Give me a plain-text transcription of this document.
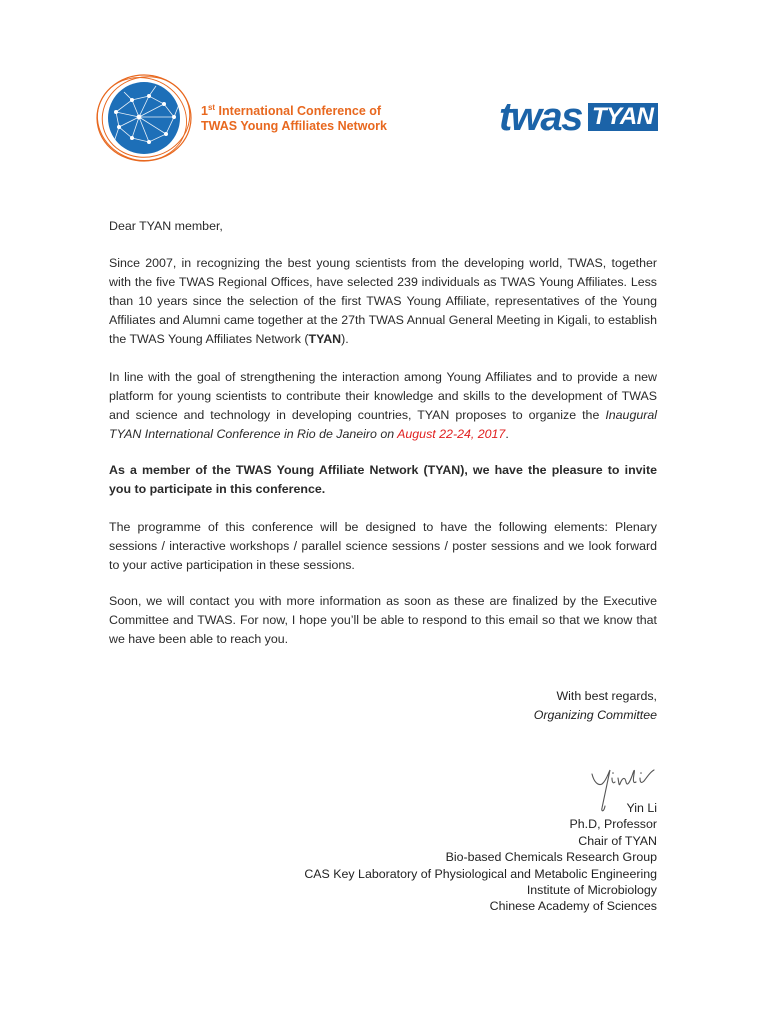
1st International Conference of
TWAS Young Affiliates Network	twas TYAN
Dear TYAN member,
Since 2007, in recognizing the best young scientists from the developing world, TWAS, together with the five TWAS Regional Offices, have selected 239 individuals as TWAS Young Affiliates. Less than 10 years since the selection of the first TWAS Young Affiliate, representatives of the Young Affiliates and Alumni came together at the 27th TWAS Annual General Meeting in Kigali, to establish the TWAS Young Affiliates Network (TYAN).
In line with the goal of strengthening the interaction among Young Affiliates and to provide a new platform for young scientists to contribute their knowledge and skills to the development of TWAS and science and technology in developing countries, TYAN proposes to organize the Inaugural TYAN International Conference in Rio de Janeiro on August 22-24, 2017.
As a member of the TWAS Young Affiliate Network (TYAN), we have the pleasure to invite you to participate in this conference.
The programme of this conference will be designed to have the following elements: Plenary sessions / interactive workshops / parallel science sessions / poster sessions and we look forward to your active participation in these sessions.
Soon, we will contact you with more information as soon as these are finalized by the Executive Committee and TWAS. For now, I hope you’ll be able to respond to this email so that we know that we have been able to reach you.
With best regards,
Organizing Committee
Yin Li
Ph.D, Professor
Chair of TYAN
Bio-based Chemicals Research Group
CAS Key Laboratory of Physiological and Metabolic Engineering
Institute of Microbiology
Chinese Academy of Sciences
